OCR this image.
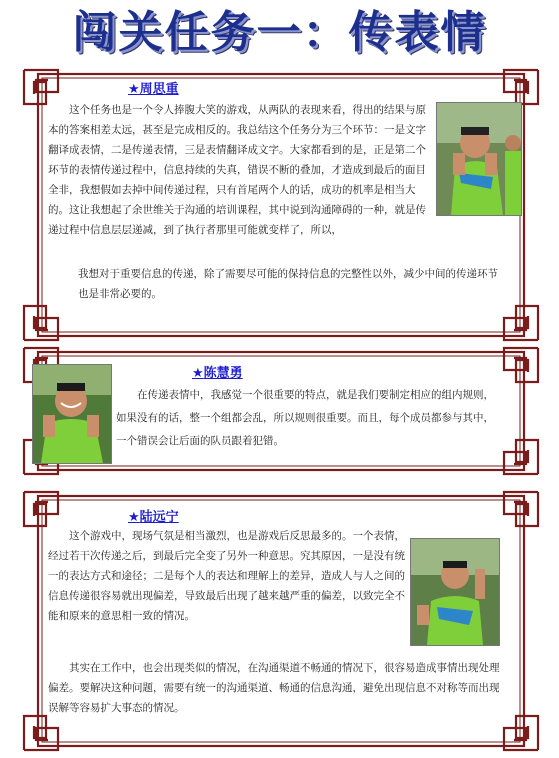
闯关任务一：传表情
★周思重

这个任务也是一个令人捧腹大笑的游戏，从两队的表现来看，得出的结果与原本的答案相差太远，甚至是完成相反的。我总结这个任务分为三个环节：一是文字翻译成表情，二是传递表情，三是表情翻译成文字。大家都看到的是，正是第二个环节的表情传递过程中，信息持续的失真，错误不断的叠加，才造成到最后的面目全非，我想假如去掉中间传递过程，只有首尾两个人的话，成功的机率是相当大的。这让我想起了余世维关于沟通的培训课程，其中说到沟通障碍的一种，就是传递过程中信息层层递减，到了执行者那里可能就变样了，所以，

我想对于重要信息的传递，除了需要尽可能的保持信息的完整性以外，减少中间的传递环节也是非常必要的。

★陈慧勇

在传递表情中，我感觉一个很重要的特点，就是我们要制定相应的组内规则，如果没有的话，整一个组都会乱，所以规则很重要。而且，每个成员都参与其中，一个错误会让后面的队员跟着犯错。

★陆远宁

这个游戏中，现场气氛是相当激烈，也是游戏后反思最多的。一个表情，经过若干次传递之后，到最后完全变了另外一种意思。究其原因，一是没有统一的表达方式和途径；二是每个人的表达和理解上的差异，造成人与人之间的信息传递很容易就出现偏差，导致最后出现了越来越严重的偏差，以致完全不能和原来的意思相一致的情况。

其实在工作中，也会出现类似的情况，在沟通渠道不畅通的情况下，很容易造成事情出现处理偏差。要解决这种问题，需要有统一的沟通渠道、畅通的信息沟通，避免出现信息不对称等而出现误解等容易扩大事态的情况。
